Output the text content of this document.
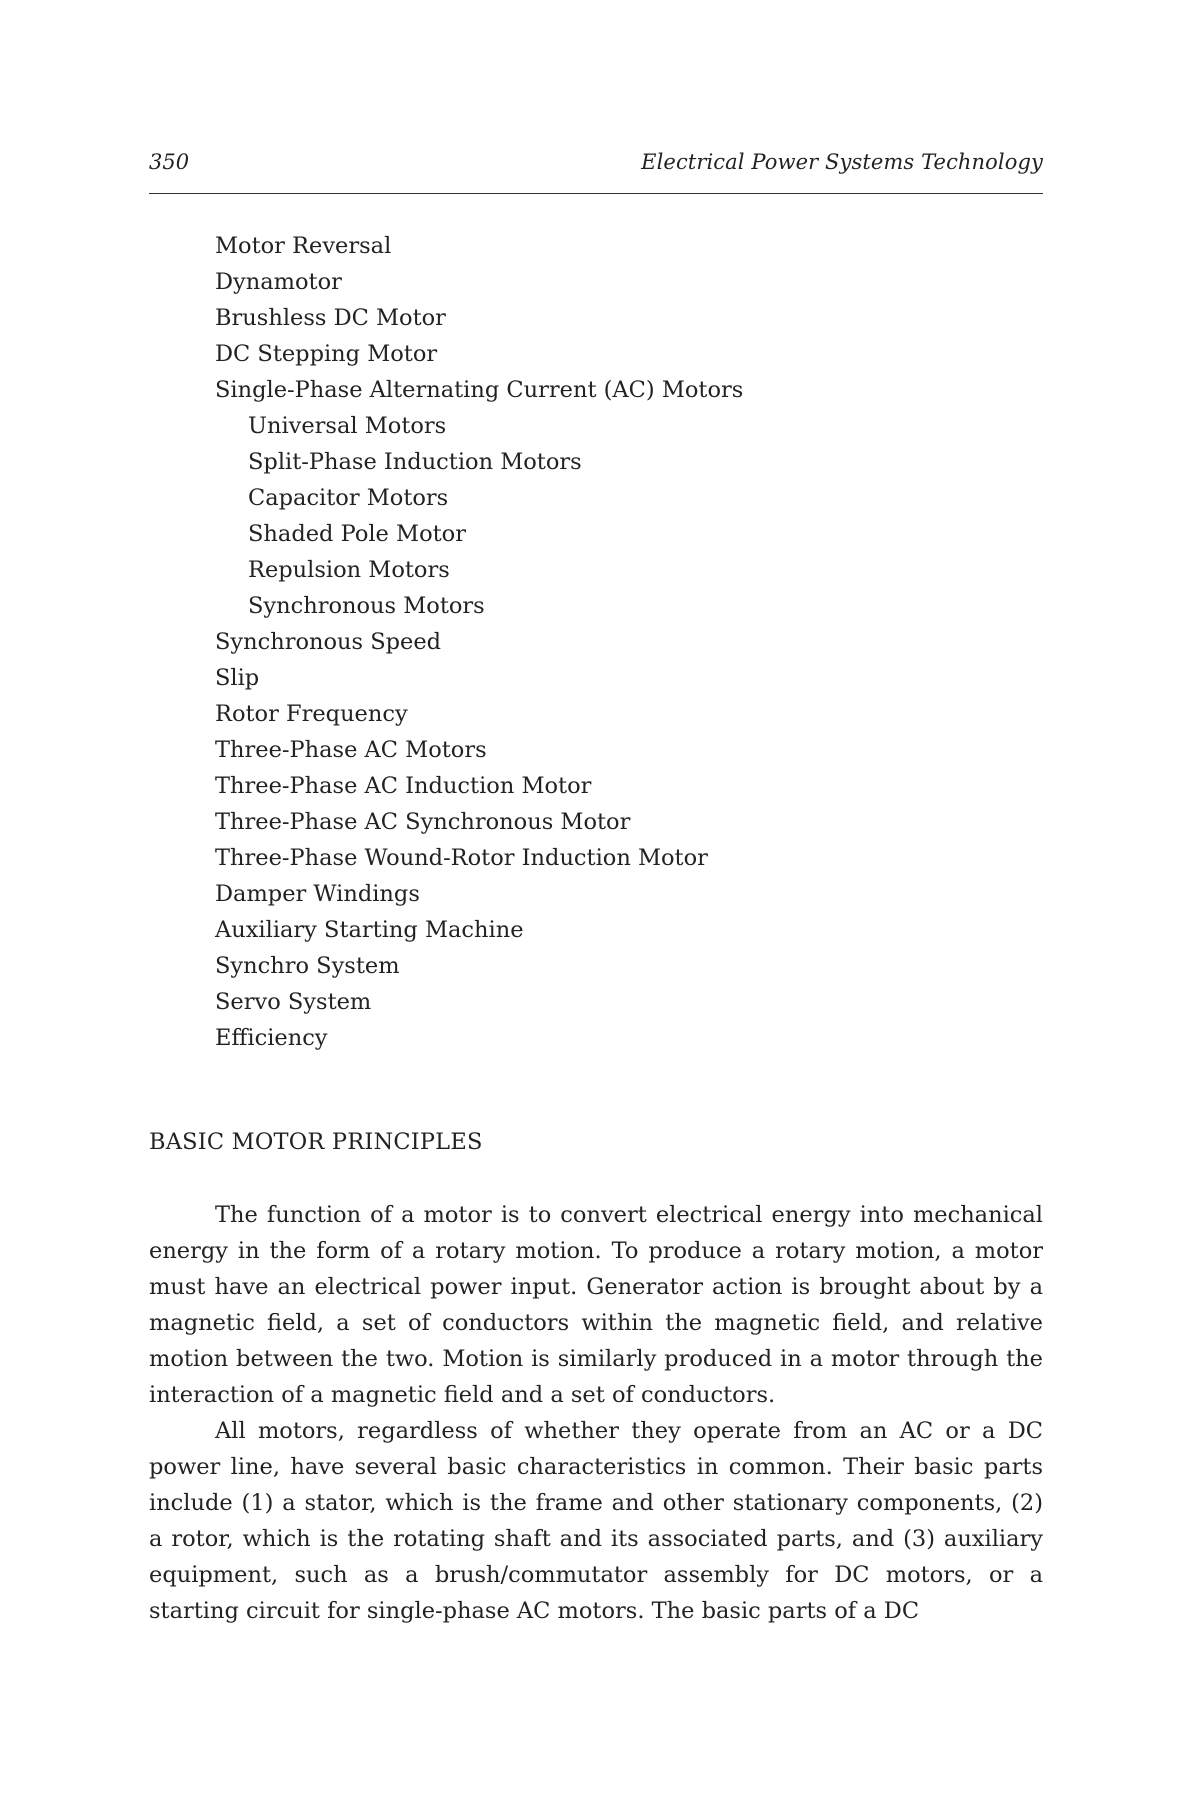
350	Electrical Power Systems Technology
Motor Reversal
Dynamotor
Brushless DC Motor
DC Stepping Motor
Single-Phase Alternating Current (AC) Motors
Universal Motors
Split-Phase Induction Motors
Capacitor Motors
Shaded Pole Motor
Repulsion Motors
Synchronous Motors
Synchronous Speed
Slip
Rotor Frequency
Three-Phase AC Motors
Three-Phase AC Induction Motor
Three-Phase AC Synchronous Motor
Three-Phase Wound-Rotor Induction Motor
Damper Windings
Auxiliary Starting Machine
Synchro System
Servo System
Efficiency
BASIC MOTOR PRINCIPLES

The function of a motor is to convert electrical energy into mechanical energy in the form of a rotary motion. To produce a rotary motion, a motor must have an electrical power input. Generator action is brought about by a magnetic field, a set of conductors within the magnetic field, and relative motion between the two. Motion is similarly produced in a motor through the interaction of a magnetic field and a set of conductors.

All motors, regardless of whether they operate from an AC or a DC power line, have several basic characteristics in common. Their basic parts include (1) a stator, which is the frame and other stationary components, (2) a rotor, which is the rotating shaft and its associated parts, and (3) auxiliary equipment, such as a brush/commutator assembly for DC motors, or a starting circuit for single-phase AC motors. The basic parts of a DC
